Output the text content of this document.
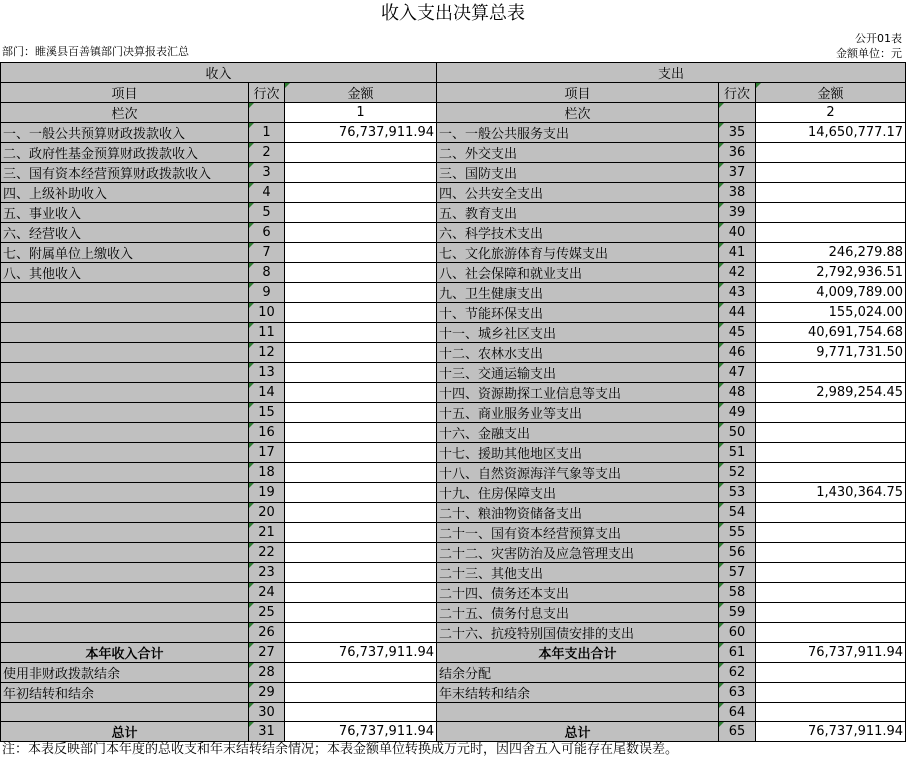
收入支出决算总表
公开01表
部门：睢溪县百善镇部门决算报表汇总	金额单位：元
收入			支出		
项目	行次	金额	项目	行次	金额
栏次		1	栏次		2
一、一般公共预算财政拨款收入	1	76,737,911.94	一、一般公共服务支出	35	14,650,777.17
二、政府性基金预算财政拨款收入	2		二、外交支出	36	
三、国有资本经营预算财政拨款收入	3		三、国防支出	37	
四、上级补助收入	4		四、公共安全支出	38	
五、事业收入	5		五、教育支出	39	
六、经营收入	6		六、科学技术支出	40	
七、附属单位上缴收入	7		七、文化旅游体育与传媒支出	41	246,279.88
八、其他收入	8		八、社会保障和就业支出	42	2,792,936.51
	9		九、卫生健康支出	43	4,009,789.00
	10		十、节能环保支出	44	155,024.00
	11		十一、城乡社区支出	45	40,691,754.68
	12		十二、农林水支出	46	9,771,731.50
	13		十三、交通运输支出	47	
	14		十四、资源勘探工业信息等支出	48	2,989,254.45
	15		十五、商业服务业等支出	49	
	16		十六、金融支出	50	
	17		十七、援助其他地区支出	51	
	18		十八、自然资源海洋气象等支出	52	
	19		十九、住房保障支出	53	1,430,364.75
	20		二十、粮油物资储备支出	54	
	21		二十一、国有资本经营预算支出	55	
	22		二十二、灾害防治及应急管理支出	56	
	23		二十三、其他支出	57	
	24		二十四、债务还本支出	58	
	25		二十五、债务付息支出	59	
	26		二十六、抗疫特别国债安排的支出	60	
本年收入合计	27	76,737,911.94	本年支出合计	61	76,737,911.94
使用非财政拨款结余	28		结余分配	62	
年初结转和结余	29		年末结转和结余	63	
	30			64	
总计	31	76,737,911.94	总计	65	76,737,911.94
注：本表反映部门本年度的总收支和年末结转结余情况；本表金额单位转换成万元时，因四舍五入可能存在尾数误差。
